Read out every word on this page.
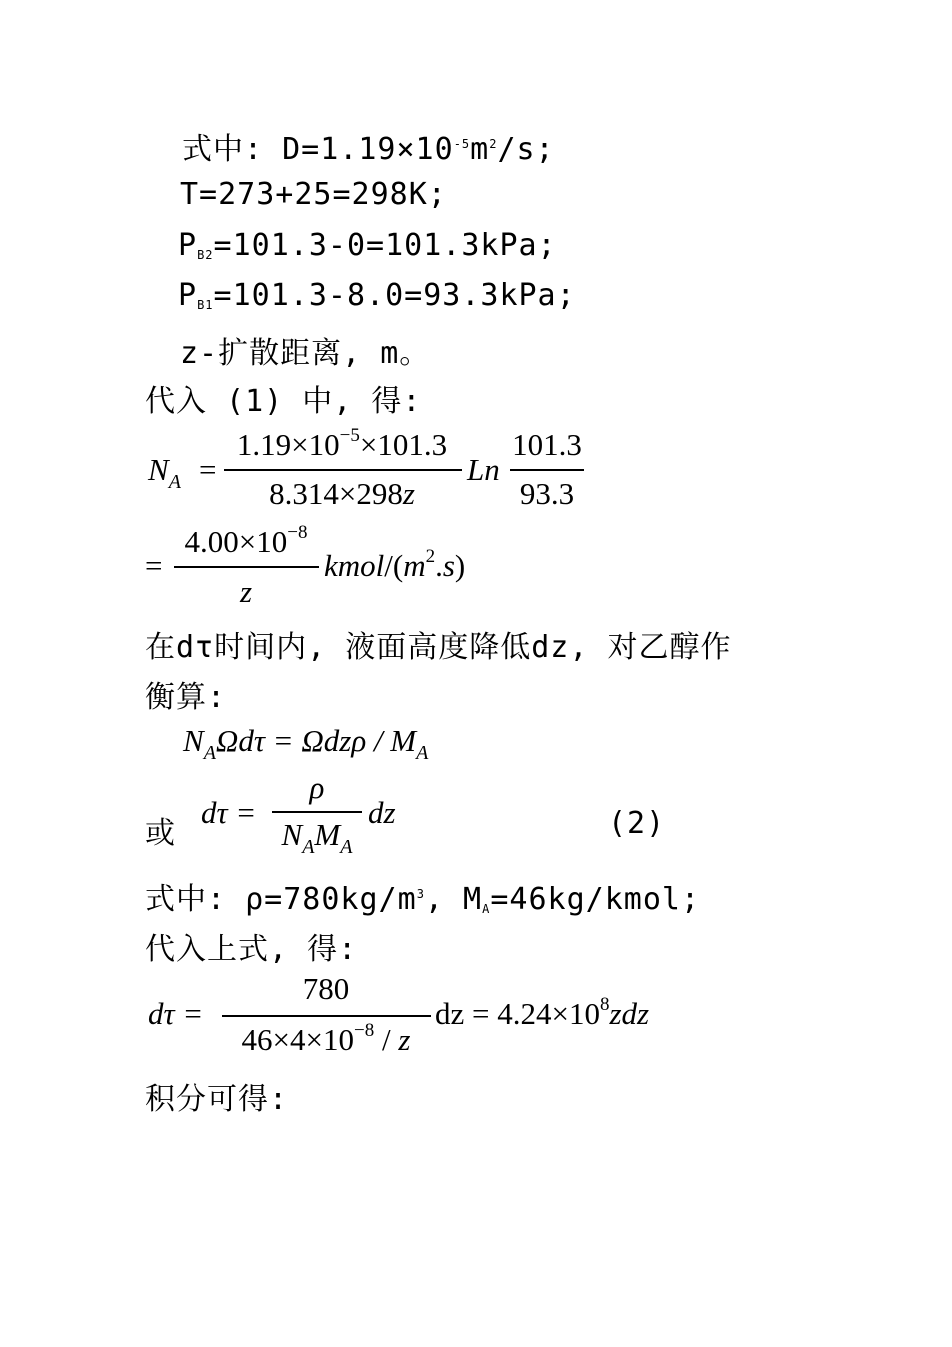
式中: $D=1.19\times 10^{-5}m^2/s$;
T=273+25=298K;
$P_{B2}=101.3-0=101.3kPa$;
$P_{B1}=101.3-8.0=93.3kPa$;
z-扩散距离, m。
代入 (1) 中, 得:
$N_A$ =
$1.19\times 10^{-5}\times 101.3$
8.314×298z
Ln
101.3
93.3
=
$4.00\times 10^{-8}$
z
kmol/$(m^2.s)$
在dτ时间内, 液面高度降低dz, 对乙醇作
衡算:
$N_A\Omega d\tau = \Omega dz\rho / M_A$
或
dτ =
ρ
$N_AM_A$
dz	(2)
式中: $\rho=780kg/m^3$, $M_A=46kg$/kmol;
代入上式, 得:
dτ =
780
$46\times 4\times 10^{-8} / z$
dz = $4.24\times 10^8zdz$
积分可得:
